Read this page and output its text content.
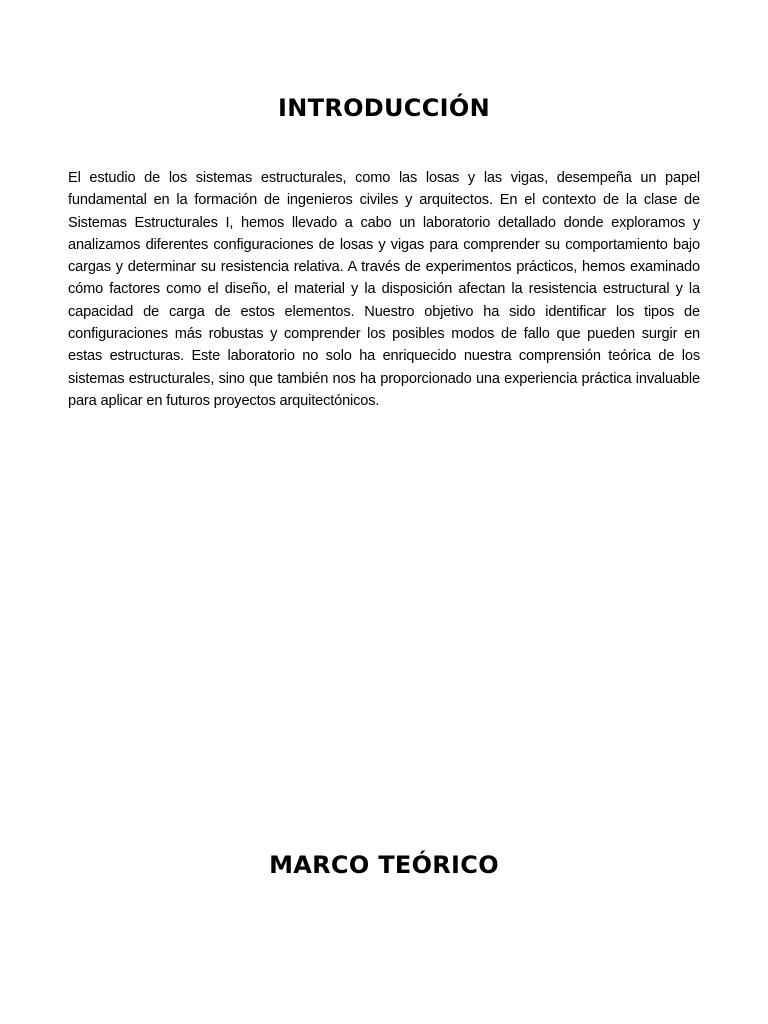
INTRODUCCIÓN

El estudio de los sistemas estructurales, como las losas y las vigas, desempeña un papel fundamental en la formación de ingenieros civiles y arquitectos. En el contexto de la clase de Sistemas Estructurales I, hemos llevado a cabo un laboratorio detallado donde exploramos y analizamos diferentes configuraciones de losas y vigas para comprender su comportamiento bajo cargas y determinar su resistencia relativa. A través de experimentos prácticos, hemos examinado cómo factores como el diseño, el material y la disposición afectan la resistencia estructural y la capacidad de carga de estos elementos. Nuestro objetivo ha sido identificar los tipos de configuraciones más robustas y comprender los posibles modos de fallo que pueden surgir en estas estructuras. Este laboratorio no solo ha enriquecido nuestra comprensión teórica de los sistemas estructurales, sino que también nos ha proporcionado una experiencia práctica invaluable para aplicar en futuros proyectos arquitectónicos.

MARCO TEÓRICO
